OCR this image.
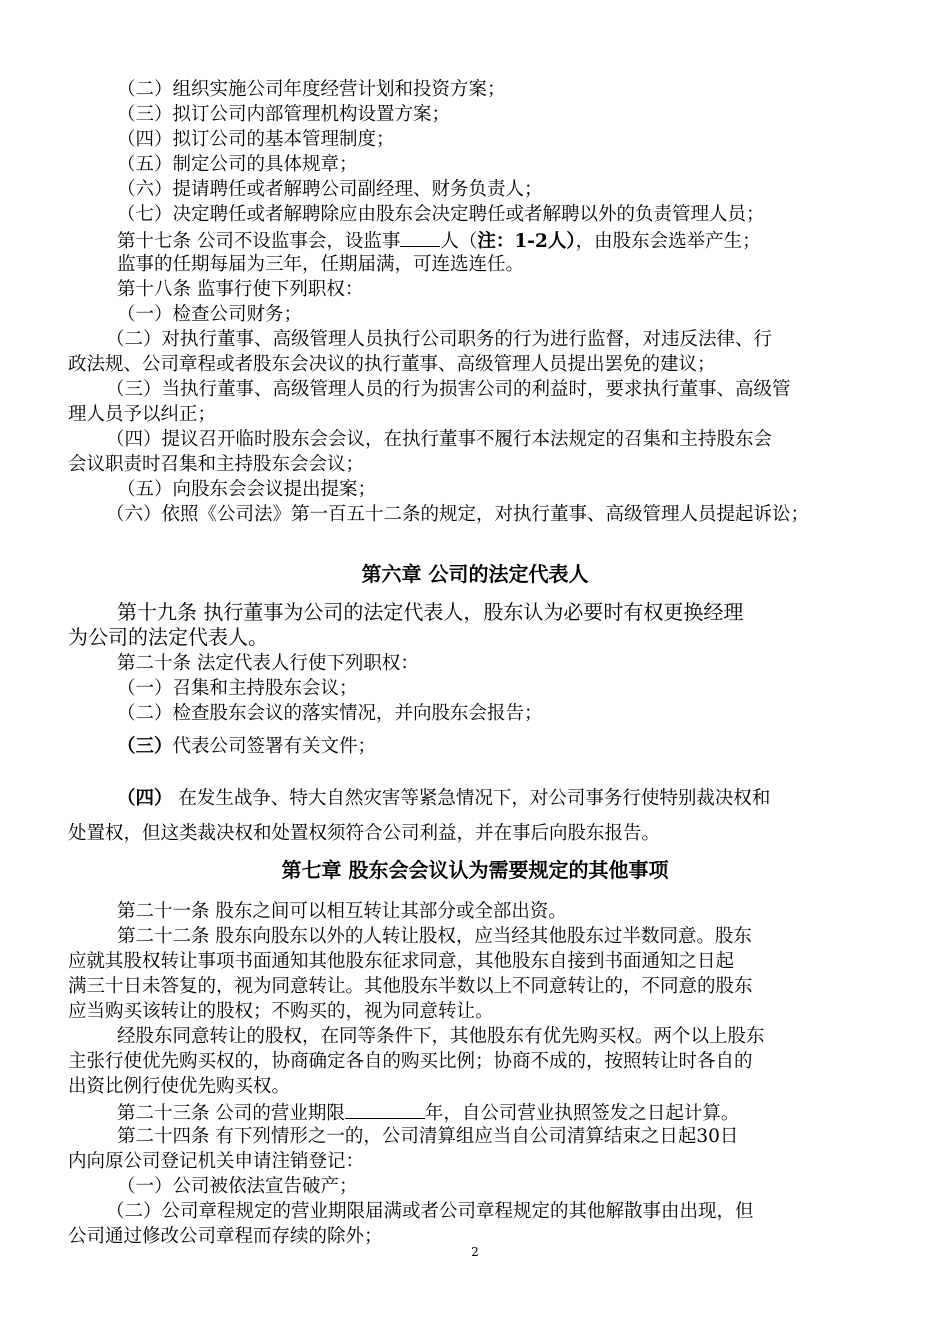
（二）组织实施公司年度经营计划和投资方案；
（三）拟订公司内部管理机构设置方案；
（四）拟订公司的基本管理制度；
（五）制定公司的具体规章；
（六）提请聘任或者解聘公司副经理、财务负责人；
（七）决定聘任或者解聘除应由股东会决定聘任或者解聘以外的负责管理人员；
第十七条 公司不设监事会，设监事 人（注：1-2人），由股东会选举产生；
监事的任期每届为三年，任期届满，可连选连任。
第十八条 监事行使下列职权：
（一）检查公司财务；
（二）对执行董事、高级管理人员执行公司职务的行为进行监督，对违反法律、行
政法规、公司章程或者股东会决议的执行董事、高级管理人员提出罢免的建议；
（三）当执行董事、高级管理人员的行为损害公司的利益时，要求执行董事、高级管
理人员予以纠正；
（四）提议召开临时股东会会议，在执行董事不履行本法规定的召集和主持股东会
会议职责时召集和主持股东会会议；
（五）向股东会会议提出提案；
（六）依照《公司法》第一百五十二条的规定，对执行董事、高级管理人员提起诉讼；
第六章 公司的法定代表人
第十九条 执行董事为公司的法定代表人，股东认为必要时有权更换经理
为公司的法定代表人。
第二十条 法定代表人行使下列职权：
（一）召集和主持股东会议；
（二）检查股东会议的落实情况，并向股东会报告；
（三）代表公司签署有关文件；
（四） 在发生战争、特大自然灾害等紧急情况下，对公司事务行使特别裁决权和
处置权，但这类裁决权和处置权须符合公司利益，并在事后向股东报告。
第七章 股东会会议认为需要规定的其他事项
第二十一条 股东之间可以相互转让其部分或全部出资。
第二十二条 股东向股东以外的人转让股权，应当经其他股东过半数同意。股东
应就其股权转让事项书面通知其他股东征求同意，其他股东自接到书面通知之日起
满三十日未答复的，视为同意转让。其他股东半数以上不同意转让的，不同意的股东
应当购买该转让的股权；不购买的，视为同意转让。
经股东同意转让的股权，在同等条件下，其他股东有优先购买权。两个以上股东
主张行使优先购买权的，协商确定各自的购买比例；协商不成的，按照转让时各自的
出资比例行使优先购买权。
第二十三条 公司的营业期限	年，自公司营业执照签发之日起计算。
第二十四条 有下列情形之一的，公司清算组应当自公司清算结束之日起30日
内向原公司登记机关申请注销登记：
（一）公司被依法宣告破产；
（二）公司章程规定的营业期限届满或者公司章程规定的其他解散事由出现，但
公司通过修改公司章程而存续的除外；
2
